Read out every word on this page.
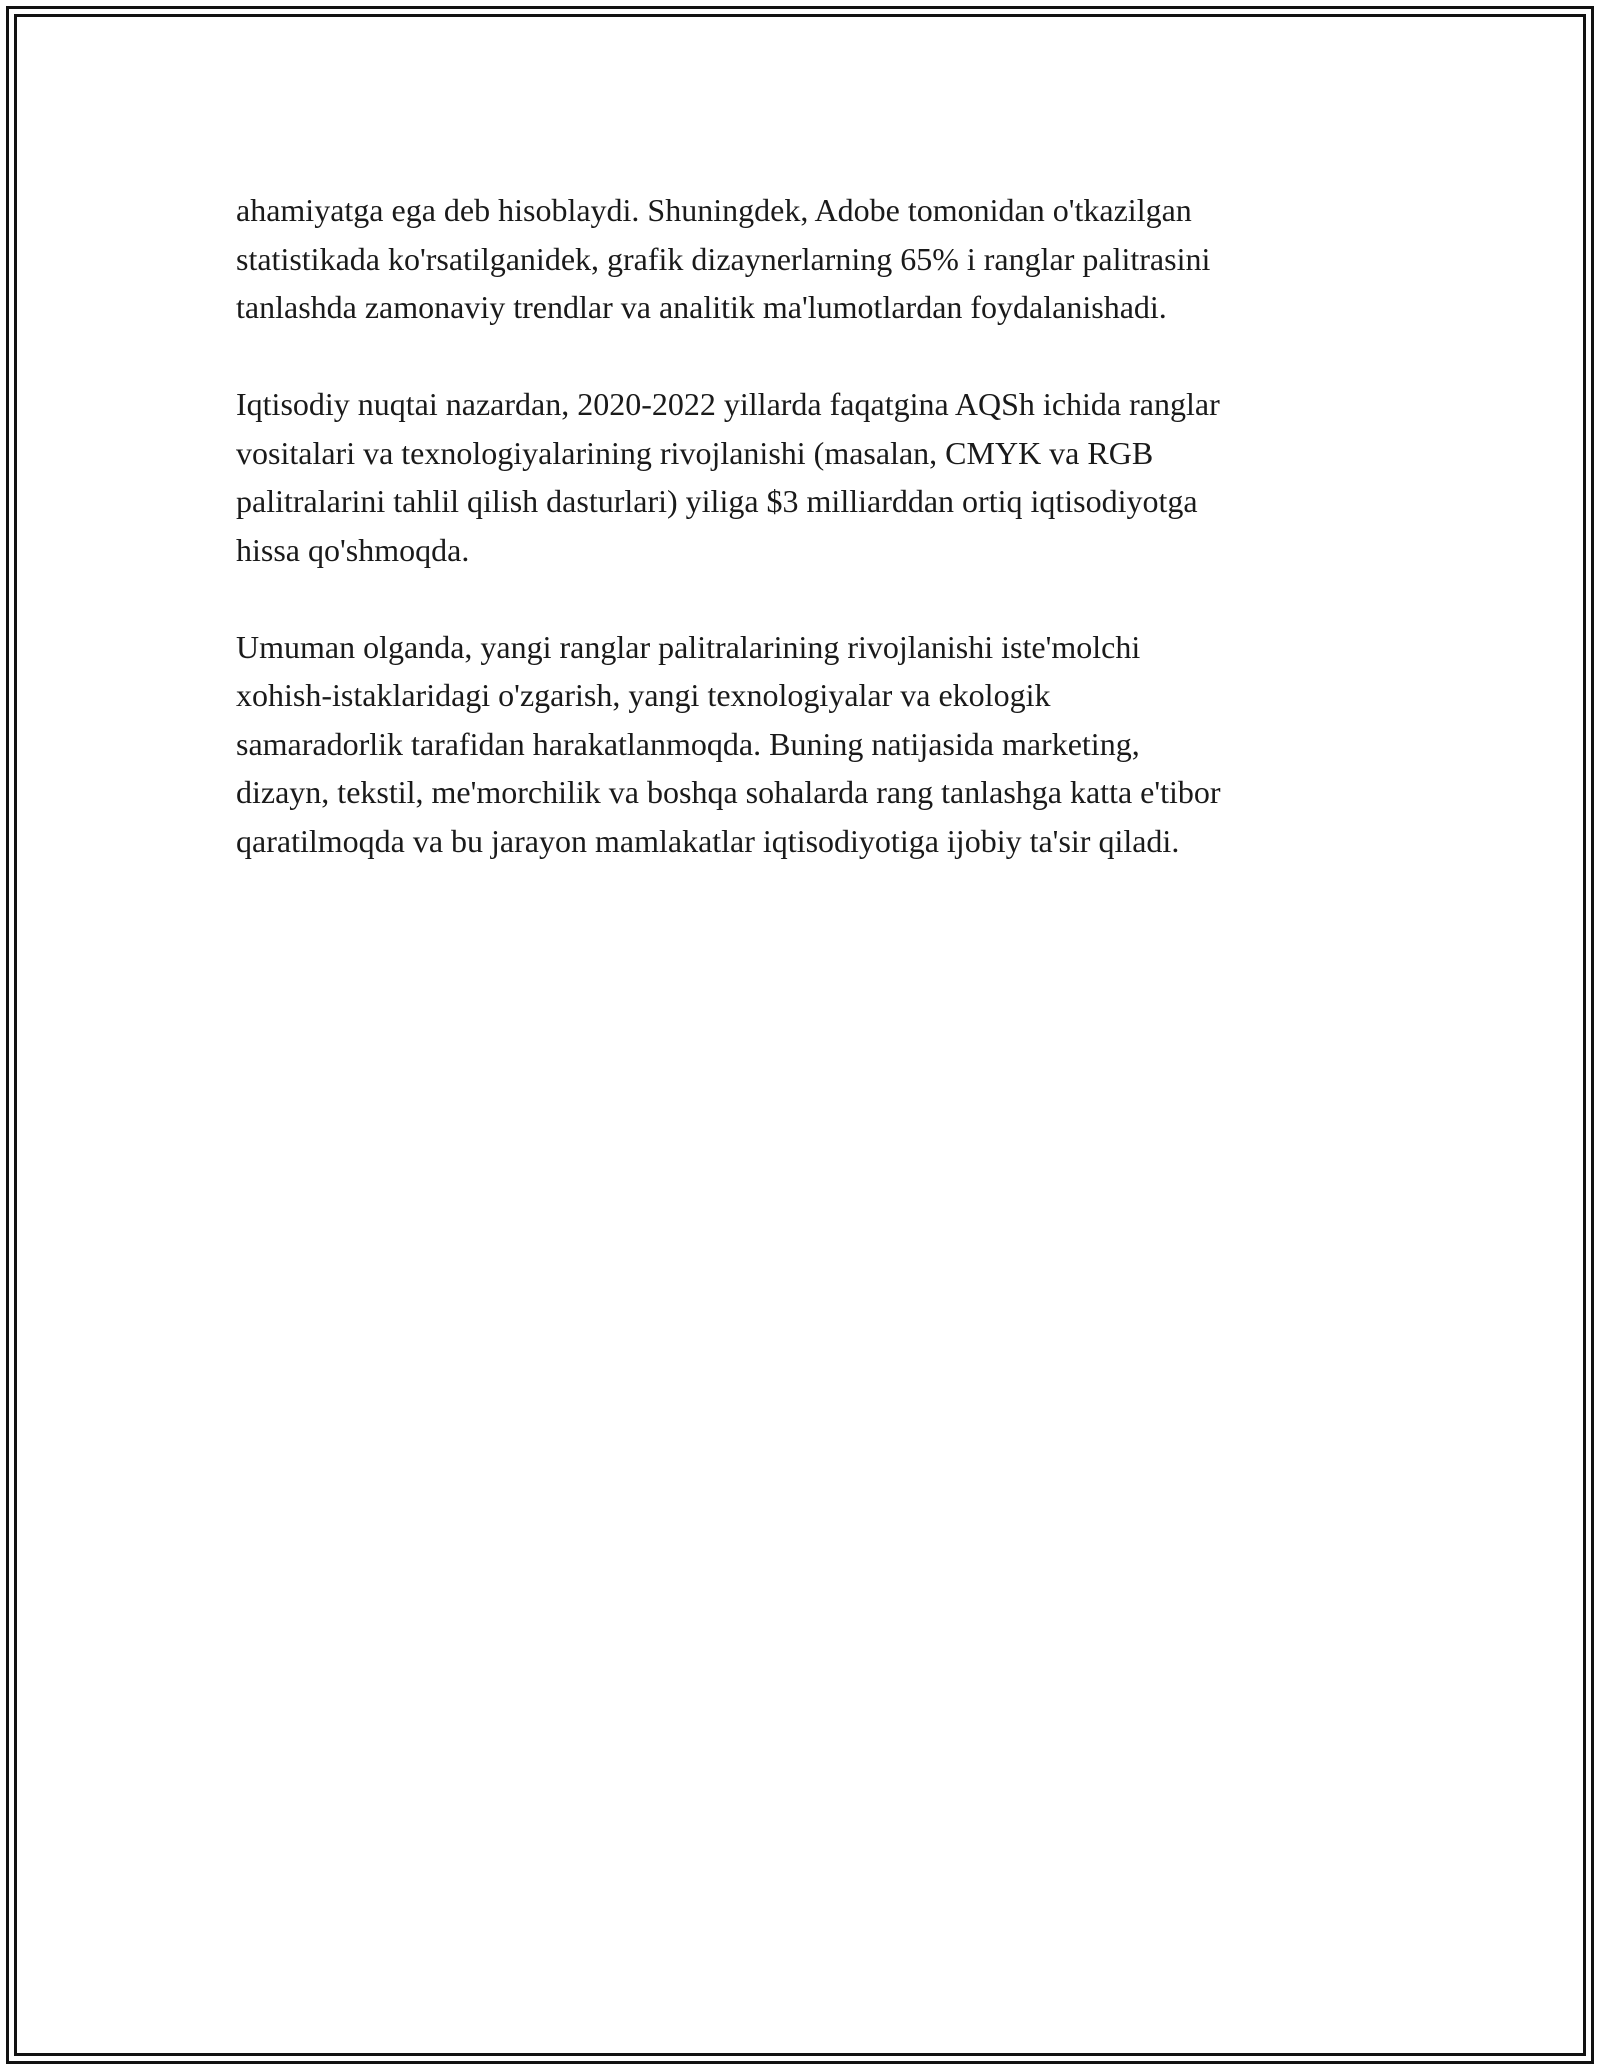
ahamiyatga ega deb hisoblaydi. Shuningdek, Adobe tomonidan o'tkazilgan
statistikada ko'rsatilganidek, grafik dizaynerlarning 65% i ranglar palitrasini
tanlashda zamonaviy trendlar va analitik ma'lumotlardan foydalanishadi.
Iqtisodiy nuqtai nazardan, 2020-2022 yillarda faqatgina AQSh ichida ranglar
vositalari va texnologiyalarining rivojlanishi (masalan, CMYK va RGB
palitralarini tahlil qilish dasturlari) yiliga $3 milliarddan ortiq iqtisodiyotga
hissa qo'shmoqda.
Umuman olganda, yangi ranglar palitralarining rivojlanishi iste'molchi
xohish-istaklaridagi o'zgarish, yangi texnologiyalar va ekologik
samaradorlik tarafidan harakatlanmoqda. Buning natijasida marketing,
dizayn, tekstil, me'morchilik va boshqa sohalarda rang tanlashga katta e'tibor
qaratilmoqda va bu jarayon mamlakatlar iqtisodiyotiga ijobiy ta'sir qiladi.
